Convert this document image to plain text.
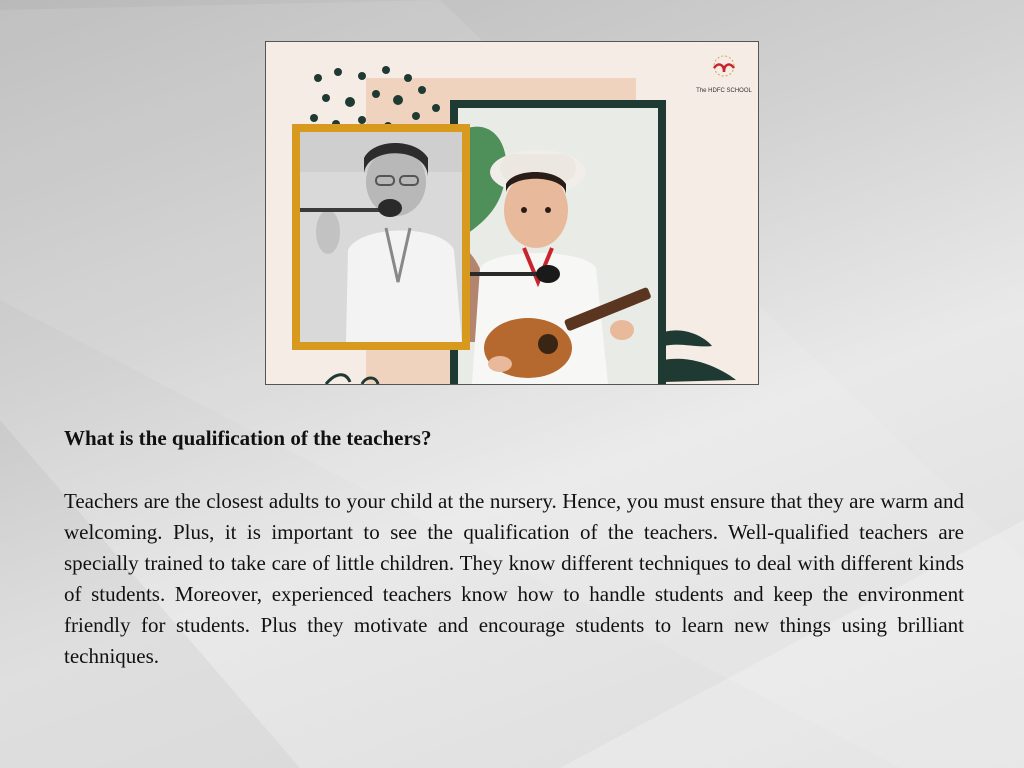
The HDFC SCHOOL

What is the qualification of the teachers?

Teachers are the closest adults to your child at the nursery. Hence, you must ensure that they are warm and welcoming. Plus, it is important to see the qualification of the teachers. Well-qualified teachers are specially trained to take care of little children. They know different techniques to deal with different kinds of students. Moreover, experienced teachers know how to handle students and keep the environment friendly for students. Plus they motivate and encourage students to learn new things using brilliant techniques.
